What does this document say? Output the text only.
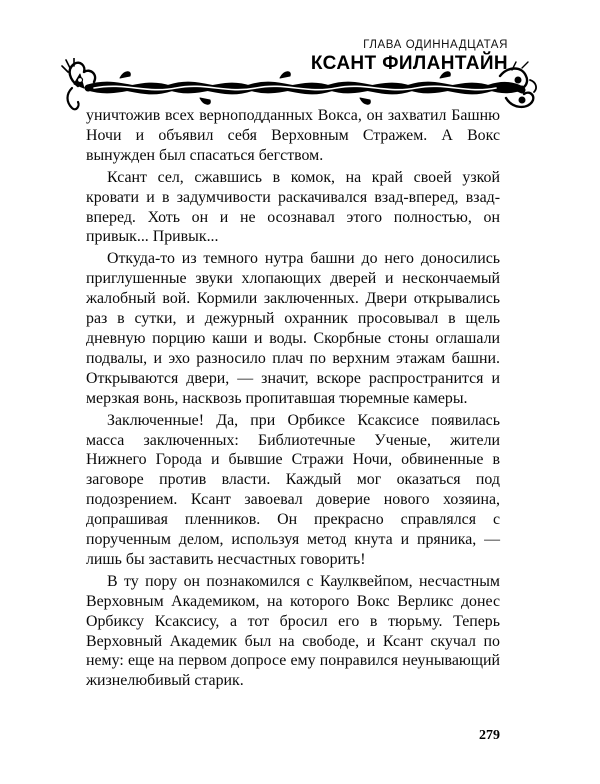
ГЛАВА ОДИННАДЦАТАЯ
КСАНТ ФИЛАНТАЙН

уничтожив всех верноподданных Вокса, он захватил Башню Ночи и объявил себя Верховным Стражем. А Вокс вынужден был спасаться бегством.

Ксант сел, сжавшись в комок, на край своей узкой кровати и в задумчивости раскачивался взад-вперед, взад-вперед. Хоть он и не осознавал этого полностью, он привык... Привык...

Откуда-то из темного нутра башни до него доносились приглушенные звуки хлопающих дверей и нескончаемый жалобный вой. Кормили заключенных. Двери открывались раз в сутки, и дежурный охранник просовывал в щель дневную порцию каши и воды. Скорбные стоны оглашали подвалы, и эхо разносило плач по верхним этажам башни. Открываются двери, — значит, вскоре распространится и мерзкая вонь, насквозь пропитавшая тюремные камеры.

Заключенные! Да, при Орбиксе Ксаксисе появилась масса заключенных: Библиотечные Ученые, жители Нижнего Города и бывшие Стражи Ночи, обвиненные в заговоре против власти. Каждый мог оказаться под подозрением. Ксант завоевал доверие нового хозяина, допрашивая пленников. Он прекрасно справлялся с порученным делом, используя метод кнута и пряника, — лишь бы заставить несчастных говорить!

В ту пору он познакомился с Каулквейпом, несчастным Верховным Академиком, на которого Вокс Верликс донес Орбиксу Ксаксису, а тот бросил его в тюрьму. Теперь Верховный Академик был на свободе, и Ксант скучал по нему: еще на первом допросе ему понравился неунывающий жизнелюбивый старик.

279
